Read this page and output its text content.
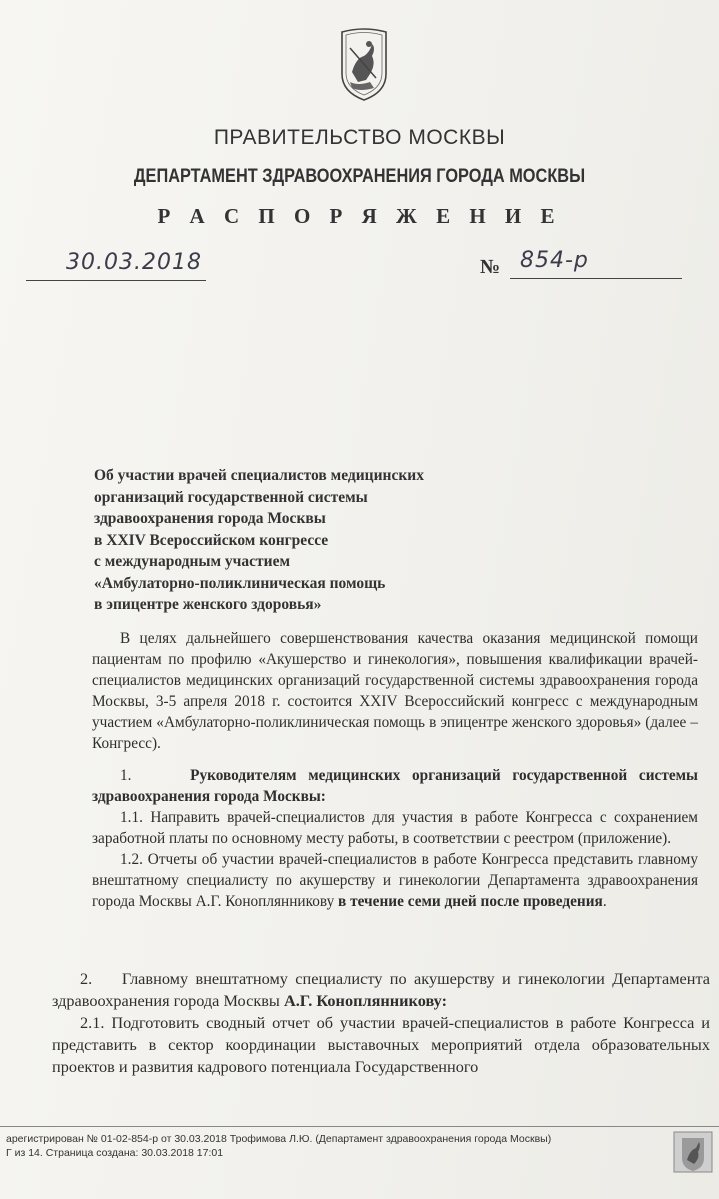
ПРАВИТЕЛЬСТВО МОСКВЫ
ДЕПАРТАМЕНТ ЗДРАВООХРАНЕНИЯ ГОРОДА МОСКВЫ
Р А С П О Р Я Ж Е Н И Е
30.03.2018	№ 854-р
Об участии врачей специалистов медицинских
организаций государственной системы
здравоохранения города Москвы
в XXIV Всероссийском конгрессе
с международным участием
«Амбулаторно-поликлиническая помощь
в эпицентре женского здоровья»

В целях дальнейшего совершенствования качества оказания медицинской помощи пациентам по профилю «Акушерство и гинекология», повышения квалификации врачей-специалистов медицинских организаций государственной системы здравоохранения города Москвы, 3-5 апреля 2018 г. состоится XXIV Всероссийский конгресс с международным участием «Амбулаторно-поликлиническая помощь в эпицентре женского здоровья» (далее – Конгресс).

1.	Руководителям медицинских организаций государственной системы здравоохранения города Москвы:

1.1. Направить врачей-специалистов для участия в работе Конгресса с сохранением заработной платы по основному месту работы, в соответствии с реестром (приложение).

1.2. Отчеты об участии врачей-специалистов в работе Конгресса представить главному внештатному специалисту по акушерству и гинекологии Департамента здравоохранения города Москвы А.Г. Коноплянникову в течение семи дней после проведения.

2. Главному внештатному специалисту по акушерству и гинекологии Департамента здравоохранения города Москвы А.Г. Коноплянникову:

2.1. Подготовить сводный отчет об участии врачей-специалистов в работе Конгресса и представить в сектор координации выставочных мероприятий отдела образовательных проектов и развития кадрового потенциала Государственного

арегистрирован № 01-02-854-р от 30.03.2018 Трофимова Л.Ю. (Департамент здравоохранения города Москвы)
Г из 14. Страница создана: 30.03.2018 17:01
